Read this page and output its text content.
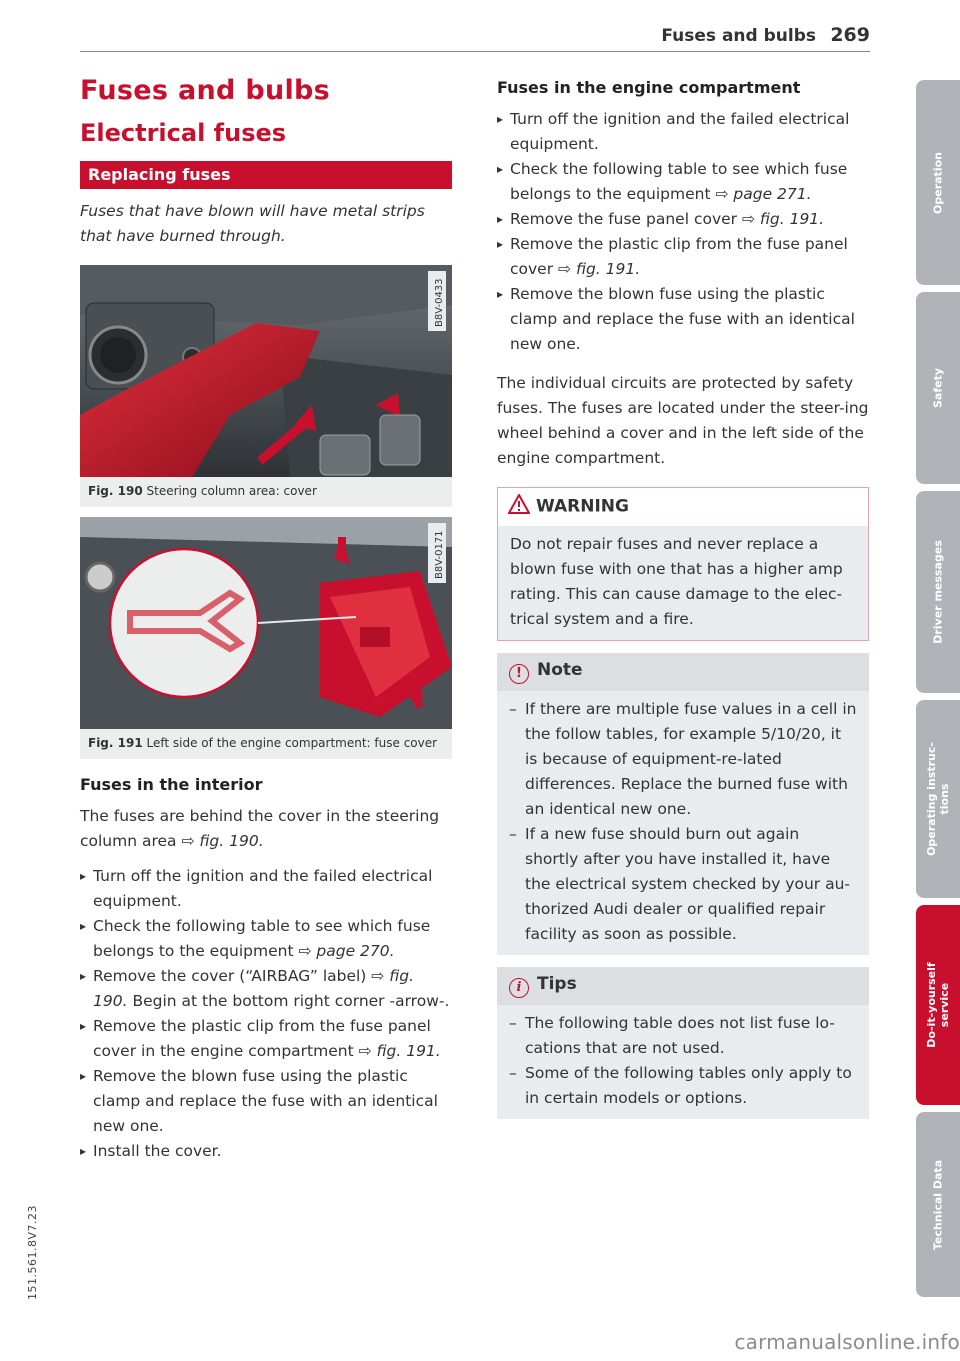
Fuses and bulbs 269
Fuses and bulbs
Electrical fuses
Replacing fuses

Fuses that have blown will have metal strips that have burned through.

B8V-0433
Fig. 190 Steering column area: cover
B8V-0171
Fig. 191 Left side of the engine compartment: fuse cover
Fuses in the interior

The fuses are behind the cover in the steering column area ⇨ fig. 190.

▸ Turn off the ignition and the failed electrical equipment.
▸ Check the following table to see which fuse belongs to the equipment ⇨ page 270.
▸ Remove the cover (“AIRBAG” label) ⇨ fig. 190. Begin at the bottom right corner -arrow-.
▸ Remove the plastic clip from the fuse panel cover in the engine compartment ⇨ fig. 191.
▸ Remove the blown fuse using the plastic clamp and replace the fuse with an identical new one.
▸ Install the cover.
Fuses in the engine compartment
▸ Turn off the ignition and the failed electrical equipment.
▸ Check the following table to see which fuse belongs to the equipment ⇨ page 271.
▸ Remove the fuse panel cover ⇨ fig. 191.
▸ Remove the plastic clip from the fuse panel cover ⇨ fig. 191.
▸ Remove the blown fuse using the plastic clamp and replace the fuse with an identical new one.

The individual circuits are protected by safety fuses. The fuses are located under the steer-ing wheel behind a cover and in the left side of the engine compartment.

WARNING
Do not repair fuses and never replace a blown fuse with one that has a higher amp rating. This can cause damage to the elec-trical system and a fire.
! Note
– If there are multiple fuse values in a cell in the follow tables, for example 5/10/20, it is because of equipment-re-lated differences. Replace the burned fuse with an identical new one.
– If a new fuse should burn out again shortly after you have installed it, have the electrical system checked by your au-thorized Audi dealer or qualified repair facility as soon as possible.
i Tips
– The following table does not list fuse lo-cations that are not used.
– Some of the following tables only apply to in certain models or options.
Operation
Safety
Driver messages
Operating instruc-
tions
Do-it-yourself
service
Technical Data
151.561.8V7.23
carmanualsonline.info
